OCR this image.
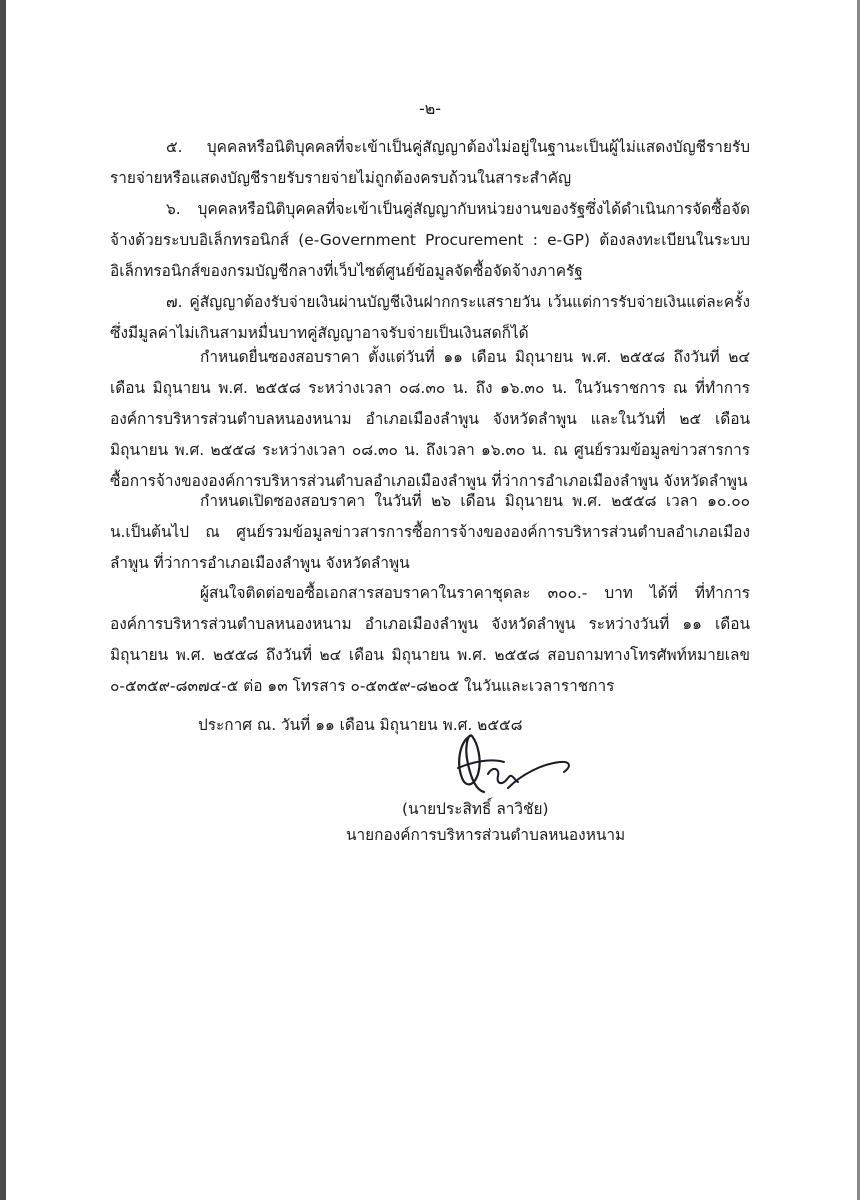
-๒-

๕. บุคคลหรือนิติบุคคลที่จะเข้าเป็นคู่สัญญาต้องไม่อยู่ในฐานะเป็นผู้ไม่แสดงบัญชีรายรับรายจ่ายหรือแสดงบัญชีรายรับรายจ่ายไม่ถูกต้องครบถ้วนในสาระสำคัญ

๖. บุคคลหรือนิติบุคคลที่จะเข้าเป็นคู่สัญญากับหน่วยงานของรัฐซึ่งได้ดำเนินการจัดซื้อจัดจ้างด้วยระบบอิเล็กทรอนิกส์ (e-Government Procurement : e-GP) ต้องลงทะเบียนในระบบอิเล็กทรอนิกส์ของกรมบัญชีกลางที่เว็บไซต์ศูนย์ข้อมูลจัดซื้อจัดจ้างภาครัฐ

๗. คู่สัญญาต้องรับจ่ายเงินผ่านบัญชีเงินฝากกระแสรายวัน เว้นแต่การรับจ่ายเงินแต่ละครั้งซึ่งมีมูลค่าไม่เกินสามหมื่นบาทคู่สัญญาอาจรับจ่ายเป็นเงินสดก็ได้

กำหนดยื่นซองสอบราคา ตั้งแต่วันที่ ๑๑ เดือน มิถุนายน พ.ศ. ๒๕๕๘ ถึงวันที่ ๒๔ เดือน มิถุนายน พ.ศ. ๒๕๕๘ ระหว่างเวลา ๐๘.๓๐ น. ถึง ๑๖.๓๐ น. ในวันราชการ ณ ที่ทำการองค์การบริหารส่วนตำบลหนองหนาม อำเภอเมืองลำพูน จังหวัดลำพูน และในวันที่ ๒๕ เดือน มิถุนายน พ.ศ. ๒๕๕๘ ระหว่างเวลา ๐๘.๓๐ น. ถึงเวลา ๑๖.๓๐ น. ณ ศูนย์รวมข้อมูลข่าวสารการซื้อการจ้างขององค์การบริหารส่วนตำบลอำเภอเมืองลำพูน ที่ว่าการอำเภอเมืองลำพูน จังหวัดลำพูน

กำหนดเปิดซองสอบราคา ในวันที่ ๒๖ เดือน มิถุนายน พ.ศ. ๒๕๕๘ เวลา ๑๐.๐๐ น.เป็นต้นไป ณ ศูนย์รวมข้อมูลข่าวสารการซื้อการจ้างขององค์การบริหารส่วนตำบลอำเภอเมืองลำพูน ที่ว่าการอำเภอเมืองลำพูน จังหวัดลำพูน

ผู้สนใจติดต่อขอซื้อเอกสารสอบราคาในราคาชุดละ ๓๐๐.- บาท ได้ที่ ที่ทำการองค์การบริหารส่วนตำบลหนองหนาม อำเภอเมืองลำพูน จังหวัดลำพูน ระหว่างวันที่ ๑๑ เดือน มิถุนายน พ.ศ. ๒๕๕๘ ถึงวันที่ ๒๔ เดือน มิถุนายน พ.ศ. ๒๕๕๘ สอบถามทางโทรศัพท์หมายเลข ๐-๕๓๕๙-๘๓๗๔-๕ ต่อ ๑๓ โทรสาร ๐-๕๓๕๙-๘๒๐๕ ในวันและเวลาราชการ

ประกาศ ณ. วันที่ ๑๑ เดือน มิถุนายน พ.ศ. ๒๕๕๘
(นายประสิทธิ์ ลาวิชัย)
นายกองค์การบริหารส่วนตำบลหนองหนาม
